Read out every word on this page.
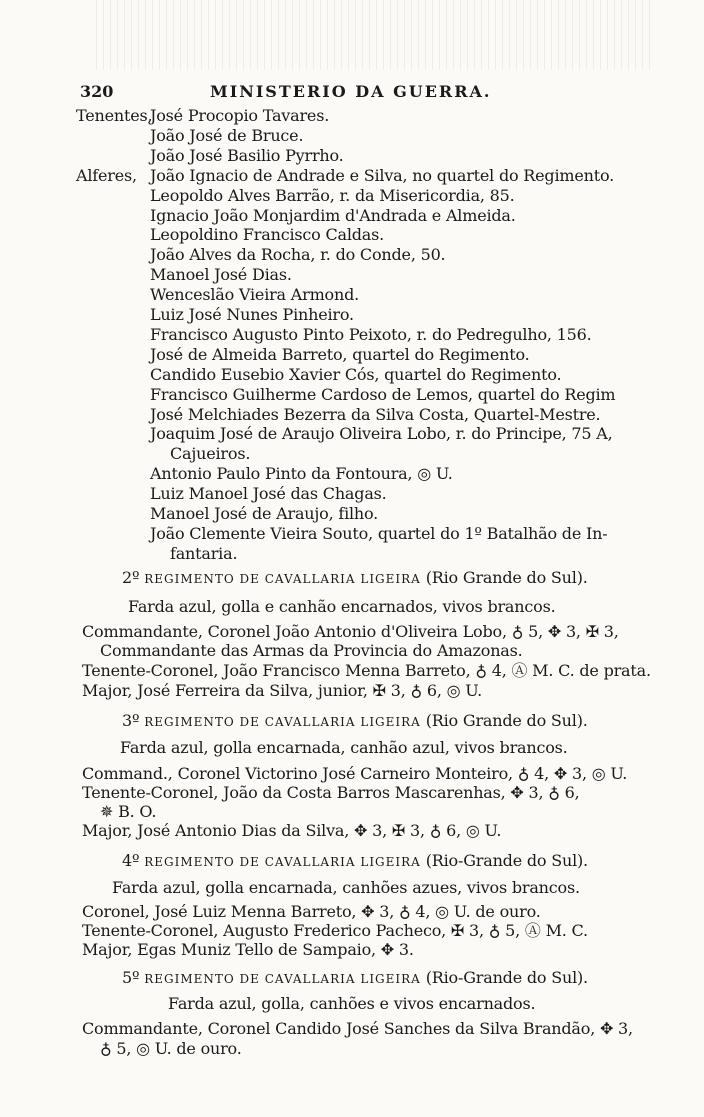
320	MINISTERIO DA GUERRA.
Tenentes,José Procopio Tavares.
João José de Bruce.
João José Basilio Pyrrho.
Alferes, João Ignacio de Andrade e Silva, no quartel do Regimento.
Leopoldo Alves Barrão, r. da Misericordia, 85.
Ignacio João Monjardim d'Andrada e Almeida.
Leopoldino Francisco Caldas.
João Alves da Rocha, r. do Conde, 50.
Manoel José Dias.
Wenceslão Vieira Armond.
Luiz José Nunes Pinheiro.
Francisco Augusto Pinto Peixoto, r. do Pedregulho, 156.
José de Almeida Barreto, quartel do Regimento.
Candido Eusebio Xavier Cós, quartel do Regimento.
Francisco Guilherme Cardoso de Lemos, quartel do Regim
José Melchiades Bezerra da Silva Costa, Quartel-Mestre.
Joaquim José de Araujo Oliveira Lobo, r. do Principe, 75 A,
Cajueiros.
Antonio Paulo Pinto da Fontoura, ◎ U.
Luiz Manoel José das Chagas.
Manoel José de Araujo, filho.
João Clemente Vieira Souto, quartel do 1º Batalhão de In-
fantaria.
2º REGIMENTO DE CAVALLARIA LIGEIRA (Rio Grande do Sul).
Farda azul, golla e canhão encarnados, vivos brancos.
Commandante, Coronel João Antonio d'Oliveira Lobo, ♁ 5, ✥ 3, ✠ 3,
Commandante das Armas da Provincia do Amazonas.
Tenente-Coronel, João Francisco Menna Barreto, ♁ 4, Ⓐ M. C. de prata.
Major, José Ferreira da Silva, junior, ✠ 3, ♁ 6, ◎ U.
3º REGIMENTO DE CAVALLARIA LIGEIRA (Rio Grande do Sul).
Farda azul, golla encarnada, canhão azul, vivos brancos.
Command., Coronel Victorino José Carneiro Monteiro, ♁ 4, ✥ 3, ◎ U.
Tenente-Coronel, João da Costa Barros Mascarenhas, ✥ 3, ♁ 6,
✵ B. O.
Major, José Antonio Dias da Silva, ✥ 3, ✠ 3, ♁ 6, ◎ U.
4º REGIMENTO DE CAVALLARIA LIGEIRA (Rio-Grande do Sul).
Farda azul, golla encarnada, canhões azues, vivos brancos.
Coronel, José Luiz Menna Barreto, ✥ 3, ♁ 4, ◎ U. de ouro.
Tenente-Coronel, Augusto Frederico Pacheco, ✠ 3, ♁ 5, Ⓐ M. C.
Major, Egas Muniz Tello de Sampaio, ✥ 3.
5º REGIMENTO DE CAVALLARIA LIGEIRA (Rio-Grande do Sul).
Farda azul, golla, canhões e vivos encarnados.
Commandante, Coronel Candido José Sanches da Silva Brandão, ✥ 3,
♁ 5, ◎ U. de ouro.
